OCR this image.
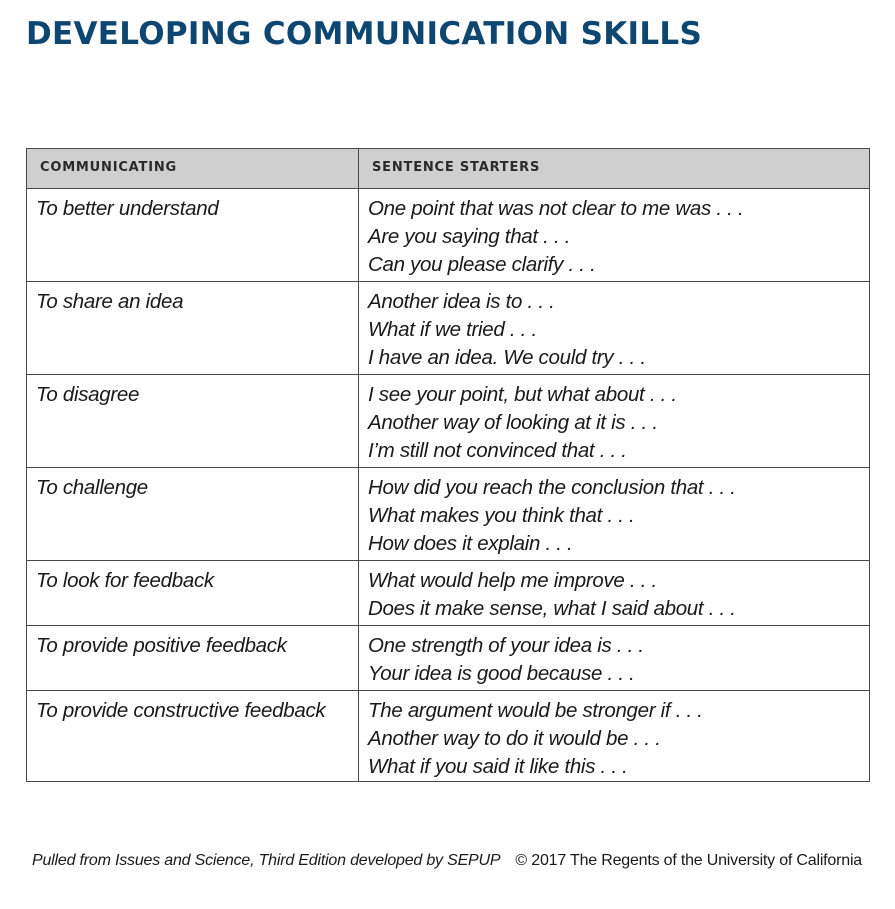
DEVELOPING COMMUNICATION SKILLS
COMMUNICATING	SENTENCE STARTERS
To better understand	One point that was not clear to me was . . .
Are you saying that . . .
Can you please clarify . . .

To share an idea	Another idea is to . . .
What if we tried . . .
I have an idea. We could try . . .

To disagree	I see your point, but what about . . .
Another way of looking at it is . . .
I’m still not convinced that . . .

To challenge	How did you reach the conclusion that . . .
What makes you think that . . .
How does it explain . . .

To look for feedback	What would help me improve . . .
Does it make sense, what I said about . . .

To provide positive feedback	One strength of your idea is . . .
Your idea is good because . . .

To provide constructive feedback	The argument would be stronger if . . .
Another way to do it would be . . .
What if you said it like this . . .
Pulled from Issues and Science, Third Edition developed by SEPUP © 2017 The Regents of the University of California
